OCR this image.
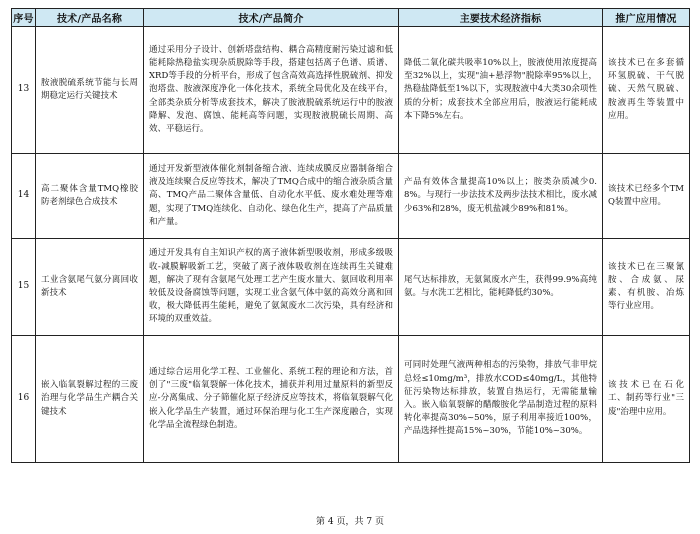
序号	技术/产品名称	技术/产品简介	主要技术经济指标	推广应用情况
13	胺液脱硫系统节能与长周期稳定运行关键技术	通过采用分子设计、创新塔盘结构、耦合高精度耐污染过滤和低能耗除热稳盐实现杂质脱除等手段，搭建包括离子色谱、质谱、XRD等手段的分析平台，形成了包含高效高选择性脱硫剂、抑发泡塔盘、胺液深度净化一体化技术，系统全局优化及在线平台，全部类杂质分析等成套技术，解决了胺液脱硫系统运行中的胺液降解、发泡、腐蚀、能耗高等问题，实现胺液脱硫长周期、高效、平稳运行。	降低二氧化碳共吸率10%以上，胺液使用浓度提高至32%以上，实现"油+悬浮物"脱除率95%以上，热稳盐降低至1%以下，实现胺液中4大类30余项性质的分析；成套技术全部应用后，胺液运行能耗成本下降5%左右。	该技术已在多套循环氢脱硫、干气脱硫、天然气脱硫、胺液再生等装置中应用。

14	高二聚体含量TMQ橡胶防老剂绿色合成技术	通过开发新型液体催化剂制备缩合液、连续成膜反应器制备缩合液及连续聚合反应等技术，解决了TMQ合成中的缩合液杂质含量高、TMQ产品二聚体含量低、自动化水平低、废水难处理等难题，实现了TMQ连续化、自动化、绿色化生产，提高了产品质量和产量。	产品有效体含量提高10%以上；胺类杂质减少0.8%。与现行一步法技术及两步法技术相比，废水减少63%和28%，废无机盐减少89%和81%。	该技术已经多个TMQ装置中应用。

15	工业含氨尾气氨分离回收新技术	通过开发具有自主知识产权的离子液体新型吸收剂，形成多级吸收-减膜解吸新工艺，突破了离子液体吸收剂在连续再生关键难题，解决了现有含氨尾气处理工艺产生废水量大、氨回收利用率较低及设备腐蚀等问题，实现工业含氨气体中氨的高效分离和回收，极大降低再生能耗，避免了氨氮废水二次污染，具有经济和环境的双重效益。	尾气达标排放，无氨氮废水产生，获得99.9%高纯氨。与水洗工艺相比，能耗降低约30%。	该技术已在三聚氰胺、合成氨、尿素、有机胺、冶炼等行业应用。

16	嵌入临氧裂解过程的三废治理与化学品生产耦合关键技术	通过综合运用化学工程、工业催化、系统工程的理论和方法，首创了"三废"临氧裂解一体化技术，捕获并利用过量原料的新型反应-分离集成、分子筛催化原子经济反应等技术，将临氧裂解气化嵌入化学品生产装置，通过环保治理与化工生产深度融合，实现化学品全流程绿色制造。	可同时处理气液两种相态的污染物，排放气非甲烷总烃≤10mg/m³，排放水COD≤40mg/L，其他特征污染物达标排放，装置自热运行，无需能量输入。嵌入临氧裂解的醋酸胺化学品制造过程的原料转化率提高30%~50%，原子利用率接近100%，产品选择性提高15%~30%，节能10%~30%。	该技术已在石化工、制药等行业"三废"治理中应用。
第 4 页，共 7 页
